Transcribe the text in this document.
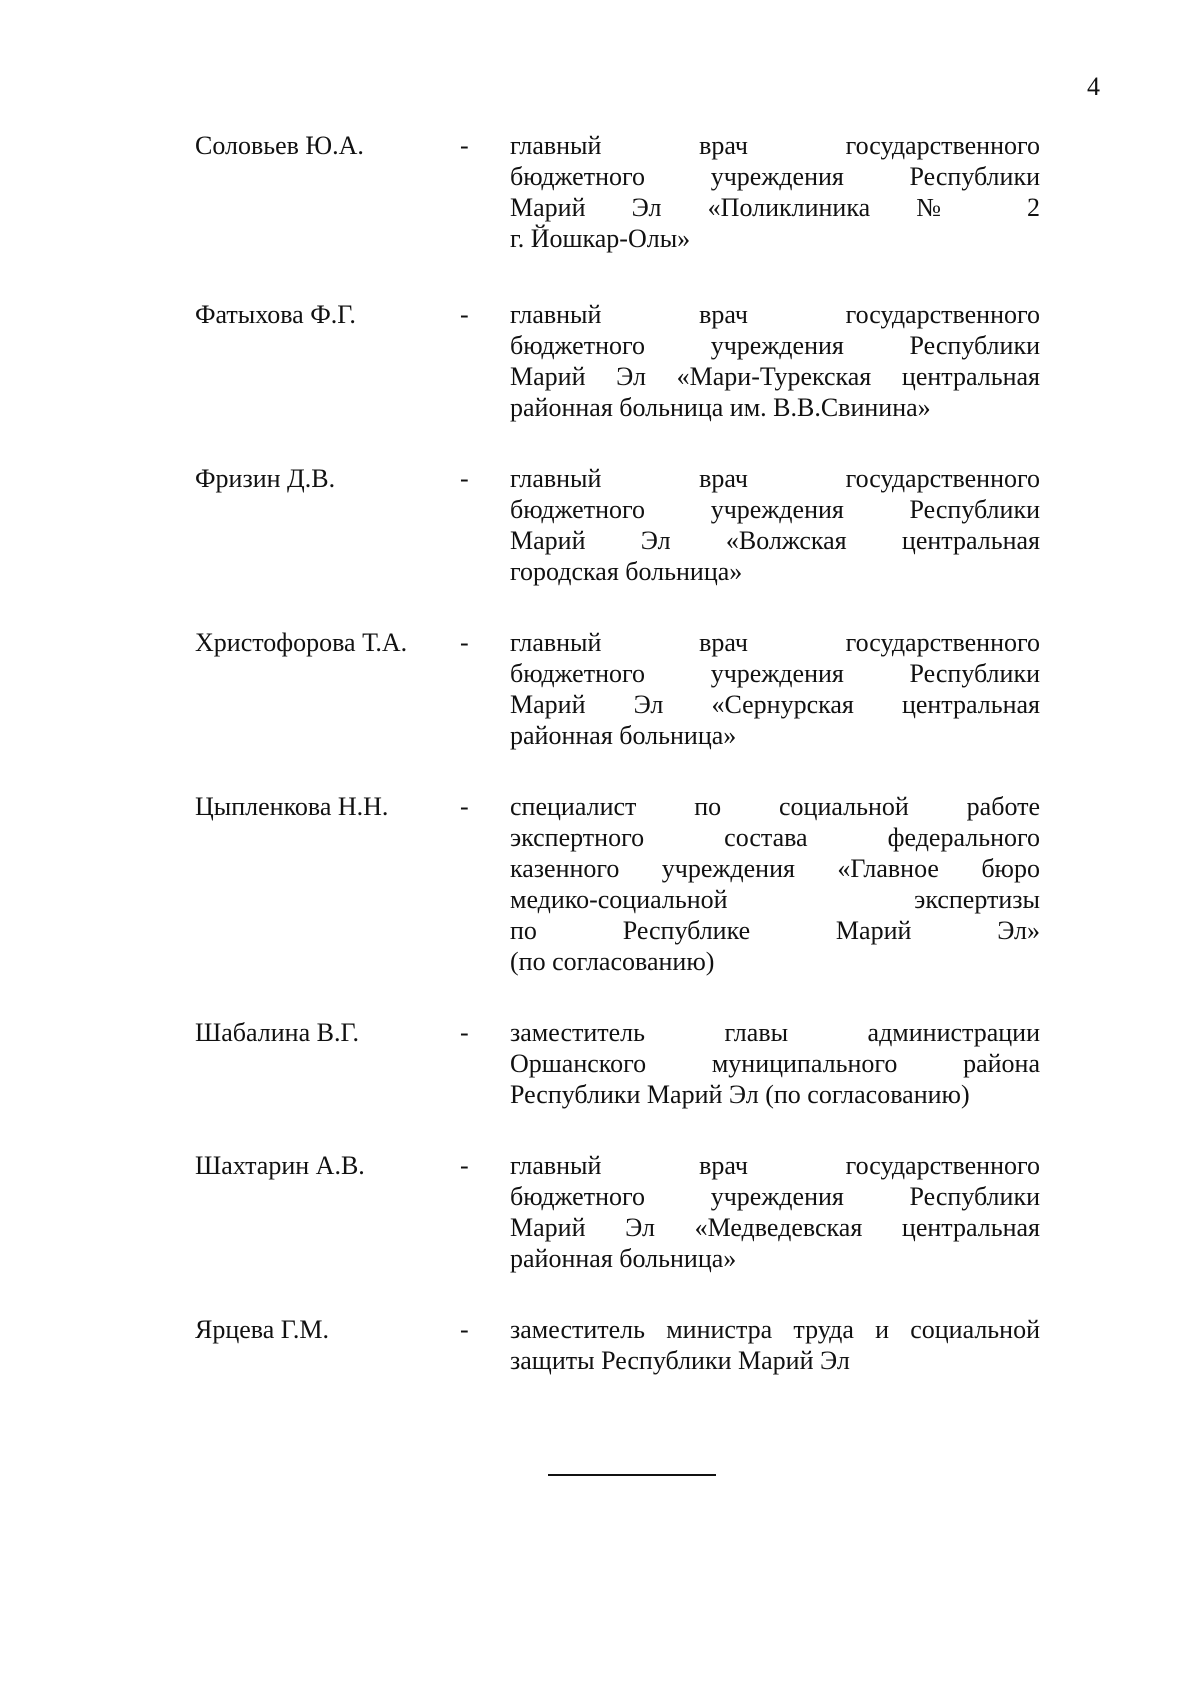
4
Соловьев Ю.А.	-	главный врач государственного
бюджетного учреждения Республики
Марий Эл «Поликлиника № 2
г. Йошкар-Олы»
Фатыхова Ф.Г.	-	главный врач государственного
бюджетного учреждения Республики
Марий Эл «Мари-Турекская центральная
районная больница им. В.В.Свинина»
Фризин Д.В.	-	главный врач государственного
бюджетного учреждения Республики
Марий Эл «Волжская центральная
городская больница»
Христофорова Т.А.	-	главный врач государственного
бюджетного учреждения Республики
Марий Эл «Сернурская центральная
районная больница»
Цыпленкова Н.Н.	-	специалист по социальной работе
экспертного состава федерального
казенного учреждения «Главное бюро
медико-социальной экспертизы
по Республике Марий Эл»
(по согласованию)
Шабалина В.Г.	-	заместитель главы администрации
Оршанского муниципального района
Республики Марий Эл (по согласованию)
Шахтарин А.В.	-	главный врач государственного
бюджетного учреждения Республики
Марий Эл «Медведевская центральная
районная больница»
Ярцева Г.М.	-	заместитель министра труда и социальной
защиты Республики Марий Эл
